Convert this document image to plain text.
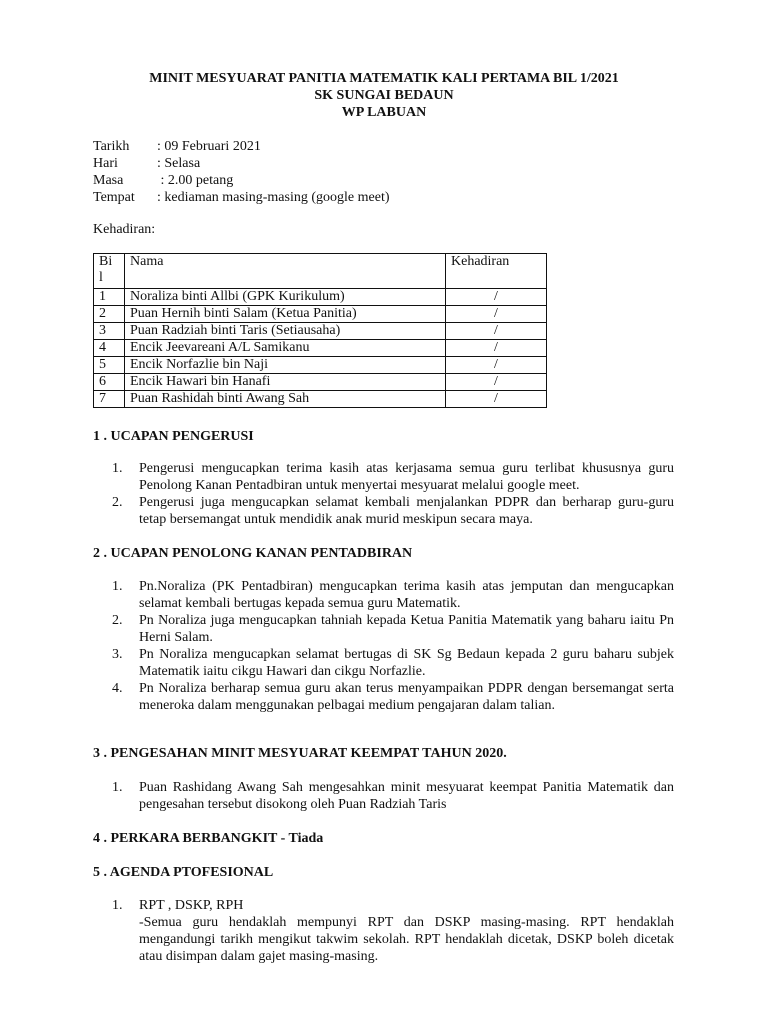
MINIT MESYUARAT PANITIA MATEMATIK KALI PERTAMA BIL 1/2021
SK SUNGAI BEDAUN
WP LABUAN
Tarikh : 09 Februari 2021
Hari	: Selasa
Masa : 2.00 petang
Tempat : kediaman masing-masing (google meet)
Kehadiran:
Bi l	Nama	Kehadiran
1	Noraliza binti Allbi (GPK Kurikulum)	/
2	Puan Hernih binti Salam (Ketua Panitia)	/
3	Puan Radziah binti Taris (Setiausaha)	/
4	Encik Jeevareani A/L Samikanu	/
5	Encik Norfazlie bin Naji	/
6	Encik Hawari bin Hanafi	/
7	Puan Rashidah binti Awang Sah	/
1 . UCAPAN PENGERUSI
1.	Pengerusi mengucapkan terima kasih atas kerjasama semua guru terlibat khususnya guru Penolong Kanan Pentadbiran untuk menyertai mesyuarat melalui google meet.
2.	Pengerusi juga mengucapkan selamat kembali menjalankan PDPR dan berharap guru-guru tetap bersemangat untuk mendidik anak murid meskipun secara maya.
2 . UCAPAN PENOLONG KANAN PENTADBIRAN
1.	Pn.Noraliza (PK Pentadbiran) mengucapkan terima kasih atas jemputan dan mengucapkan selamat kembali bertugas kepada semua guru Matematik.
2.	Pn Noraliza juga mengucapkan tahniah kepada Ketua Panitia Matematik yang baharu iaitu Pn Herni Salam.
3.	Pn Noraliza mengucapkan selamat bertugas di SK Sg Bedaun kepada 2 guru baharu subjek Matematik iaitu cikgu Hawari dan cikgu Norfazlie.
4.	Pn Noraliza berharap semua guru akan terus menyampaikan PDPR dengan bersemangat serta meneroka dalam menggunakan pelbagai medium pengajaran dalam talian.
3 . PENGESAHAN MINIT MESYUARAT KEEMPAT TAHUN 2020.
1.	Puan Rashidang Awang Sah mengesahkan minit mesyuarat keempat Panitia Matematik dan pengesahan tersebut disokong oleh Puan Radziah Taris
4 . PERKARA BERBANGKIT - Tiada
5 . AGENDA PTOFESIONAL
1.	RPT , DSKP, RPH
-Semua guru hendaklah mempunyi RPT dan DSKP masing-masing. RPT hendaklah mengandungi tarikh mengikut takwim sekolah. RPT hendaklah dicetak, DSKP boleh dicetak atau disimpan dalam gajet masing-masing.
